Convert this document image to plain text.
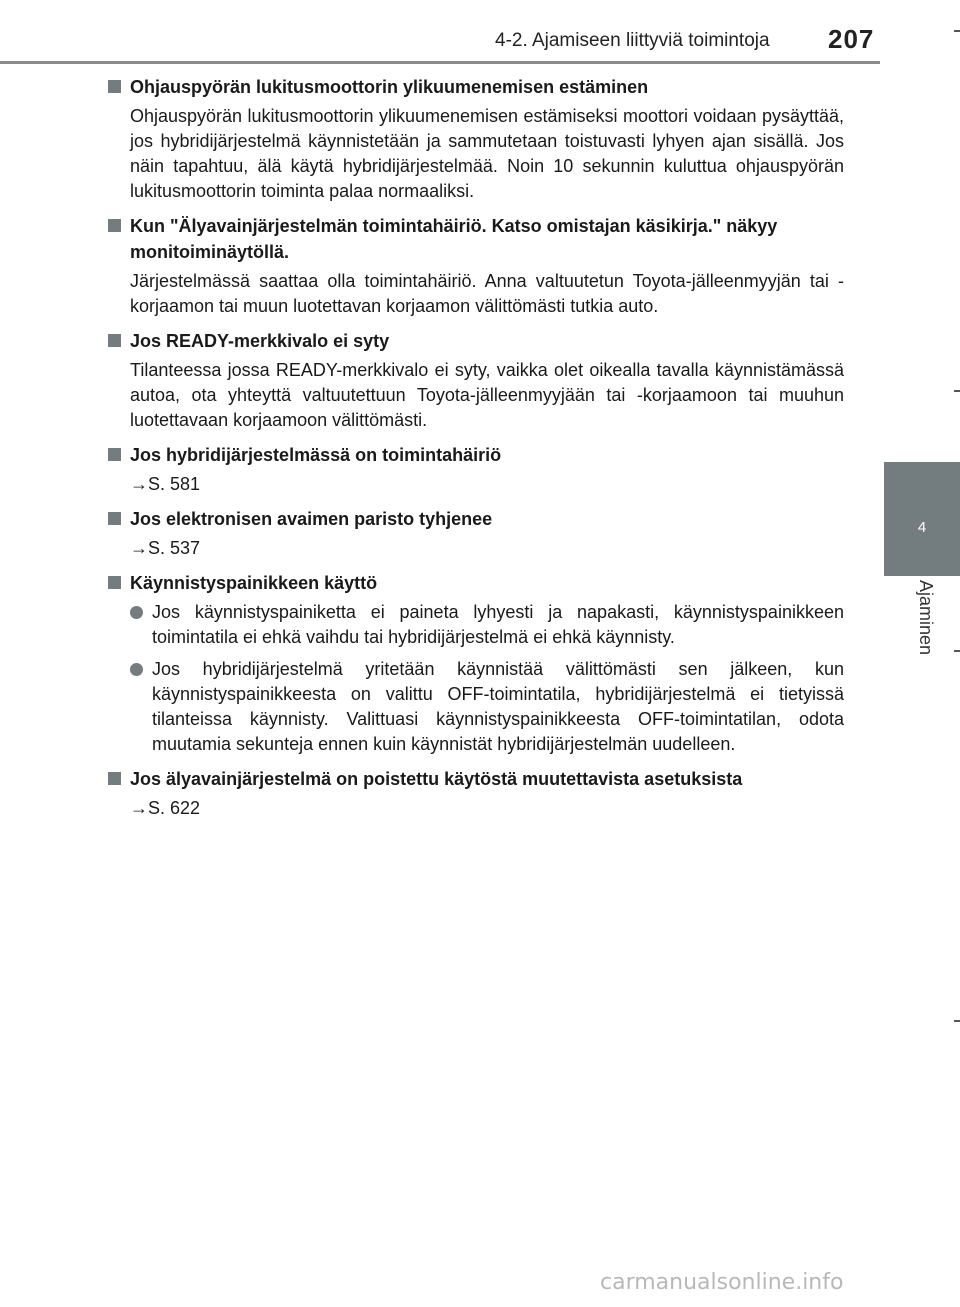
4-2. Ajamiseen liittyviä toimintoja 207
4
Ajaminen
Ohjauspyörän lukitusmoottorin ylikuumenemisen estäminen
Ohjauspyörän lukitusmoottorin ylikuumenemisen estämiseksi moottori voidaan pysäyttää, jos hybridijärjestelmä käynnistetään ja sammutetaan toistuvasti lyhyen ajan sisällä. Jos näin tapahtuu, älä käytä hybridijärjestelmää. Noin 10 sekunnin kuluttua ohjauspyörän lukitusmoottorin toiminta palaa normaaliksi.
Kun "Älyavainjärjestelmän toimintahäiriö. Katso omistajan käsikirja." näkyy monitoiminäytöllä.
Järjestelmässä saattaa olla toimintahäiriö. Anna valtuutetun Toyota-jälleenmyyjän tai -korjaamon tai muun luotettavan korjaamon välittömästi tutkia auto.
Jos READY-merkkivalo ei syty
Tilanteessa jossa READY-merkkivalo ei syty, vaikka olet oikealla tavalla käynnistämässä autoa, ota yhteyttä valtuutettuun Toyota-jälleenmyyjään tai -korjaamoon tai muuhun luotettavaan korjaamoon välittömästi.
Jos hybridijärjestelmässä on toimintahäiriö
→S. 581
Jos elektronisen avaimen paristo tyhjenee
→S. 537
Käynnistyspainikkeen käyttö
Jos käynnistyspainiketta ei paineta lyhyesti ja napakasti, käynnistyspainikkeen toimintatila ei ehkä vaihdu tai hybridijärjestelmä ei ehkä käynnisty.
Jos hybridijärjestelmä yritetään käynnistää välittömästi sen jälkeen, kun käynnistyspainikkeesta on valittu OFF-toimintatila, hybridijärjestelmä ei tietyissä tilanteissa käynnisty. Valittuasi käynnistyspainikkeesta OFF-toimintatilan, odota muutamia sekunteja ennen kuin käynnistät hybridijärjestelmän uudelleen.
Jos älyavainjärjestelmä on poistettu käytöstä muutettavista asetuksista
→S. 622
carmanualsonline.info
